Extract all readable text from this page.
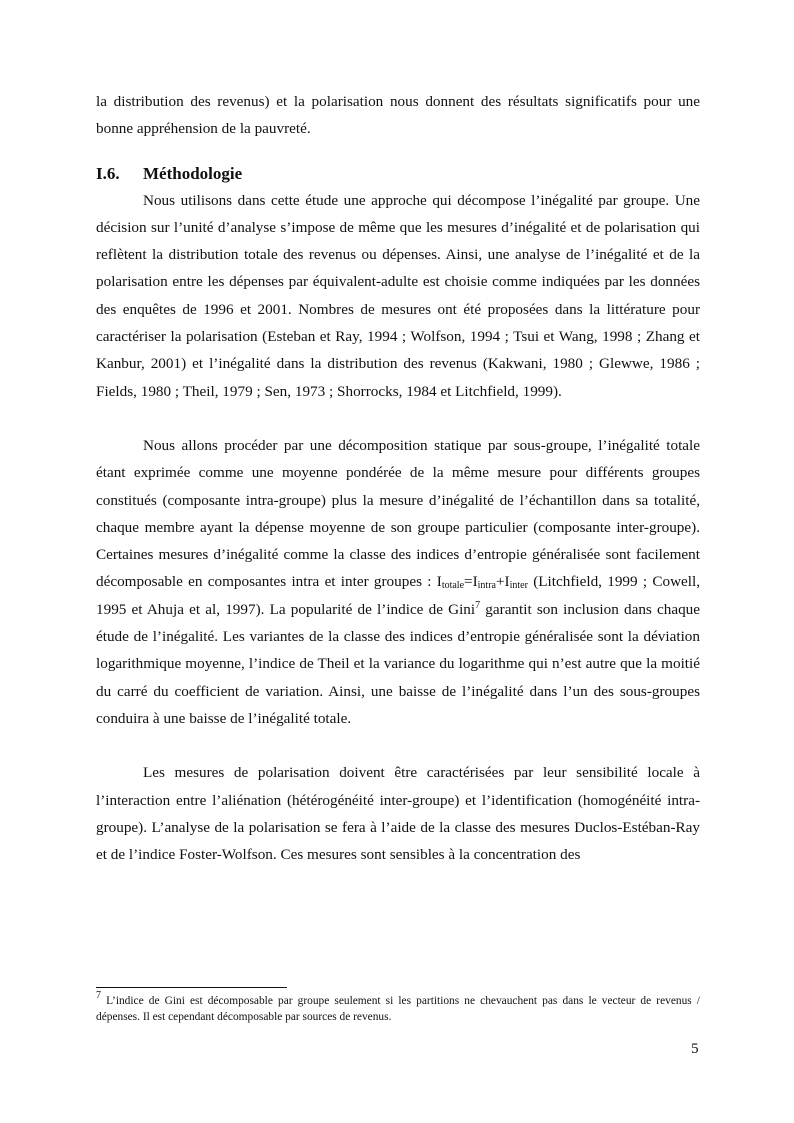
la distribution des revenus) et la polarisation nous donnent des résultats significatifs pour une bonne appréhension de la pauvreté.

I.6. Méthodologie

Nous utilisons dans cette étude une approche qui décompose l’inégalité par groupe. Une décision sur l’unité d’analyse s’impose de même que les mesures d’inégalité et de polarisation qui reflètent la distribution totale des revenus ou dépenses. Ainsi, une analyse de l’inégalité et de la polarisation entre les dépenses par équivalent-adulte est choisie comme indiquées par les données des enquêtes de 1996 et 2001. Nombres de mesures ont été proposées dans la littérature pour caractériser la polarisation (Esteban et Ray, 1994 ; Wolfson, 1994 ; Tsui et Wang, 1998 ; Zhang et Kanbur, 2001) et l’inégalité dans la distribution des revenus (Kakwani, 1980 ; Glewwe, 1986 ; Fields, 1980 ; Theil, 1979 ; Sen, 1973 ; Shorrocks, 1984 et Litchfield, 1999).

Nous allons procéder par une décomposition statique par sous-groupe, l’inégalité totale étant exprimée comme une moyenne pondérée de la même mesure pour différents groupes constitués (composante intra-groupe) plus la mesure d’inégalité de l’échantillon dans sa totalité, chaque membre ayant la dépense moyenne de son groupe particulier (composante inter-groupe). Certaines mesures d’inégalité comme la classe des indices d’entropie généralisée sont facilement décomposable en composantes intra et inter groupes : $I_{totale}=I_{intra}+I_{inter}$ (Litchfield, 1999 ; Cowell, 1995 et Ahuja et al, 1997). La popularité de l’indice de Gini$^7$ garantit son inclusion dans chaque étude de l’inégalité. Les variantes de la classe des indices d’entropie généralisée sont la déviation logarithmique moyenne, l’indice de Theil et la variance du logarithme qui n’est autre que la moitié du carré du coefficient de variation. Ainsi, une baisse de l’inégalité dans l’un des sous-groupes conduira à une baisse de l’inégalité totale.

Les mesures de polarisation doivent être caractérisées par leur sensibilité locale à l’interaction entre l’aliénation (hétérogénéité inter-groupe) et l’identification (homogénéité intra-groupe). L’analyse de la polarisation se fera à l’aide de la classe des mesures Duclos-Estéban-Ray et de l’indice Foster-Wolfson. Ces mesures sont sensibles à la concentration des

$^7$ L’indice de Gini est décomposable par groupe seulement si les partitions ne chevauchent pas dans le vecteur de revenus / dépenses. Il est cependant décomposable par sources de revenus.

5
